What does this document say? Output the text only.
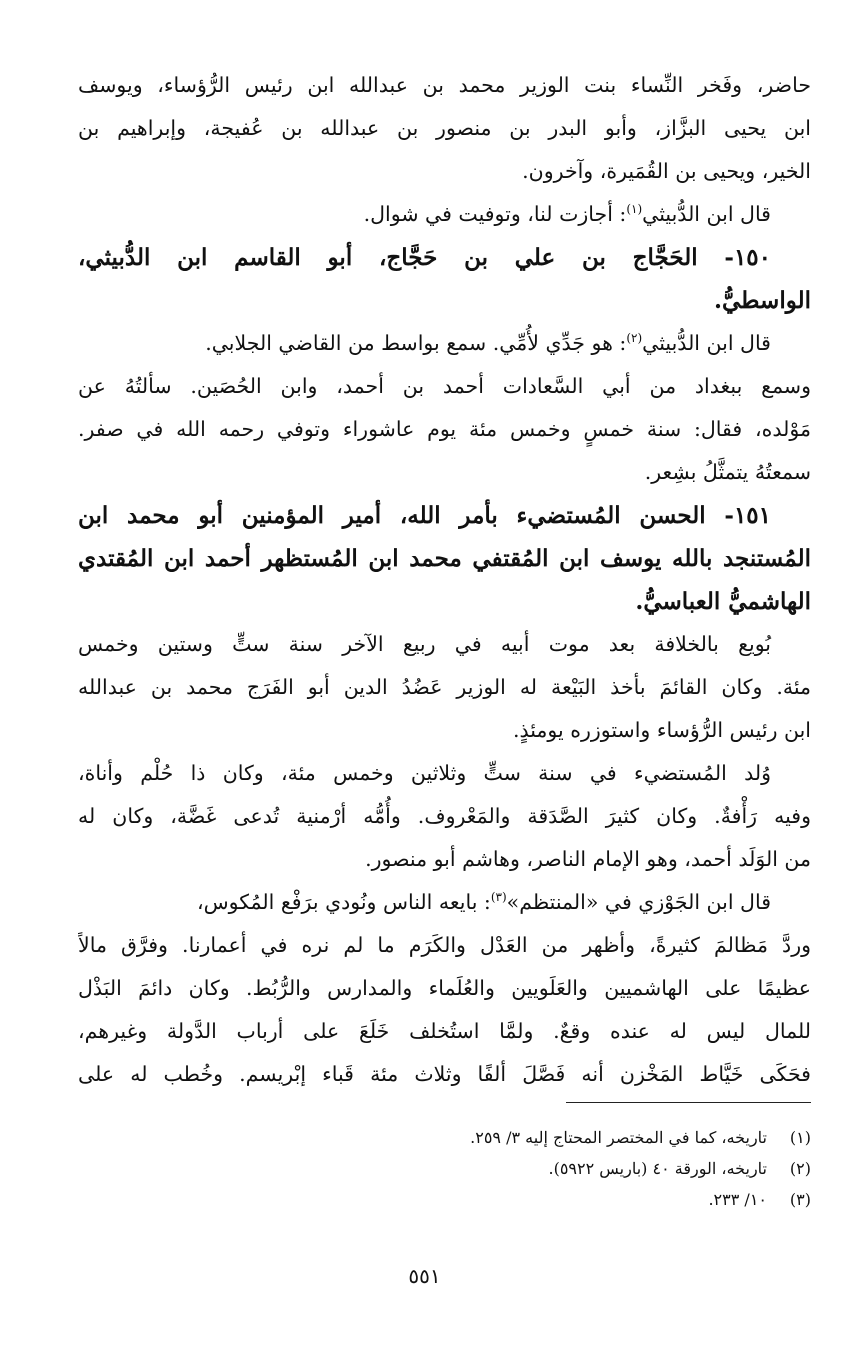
حاضر، وفَخر النِّساء بنت الوزير محمد بن عبدالله ابن رئيس الرُّؤساء، ويوسف
ابن يحيى البزَّاز، وأبو البدر بن منصور بن عبدالله بن عُفيجة، وإبراهيم بن
الخير، ويحيى بن القُمَيرة، وآخرون.
قال ابن الدُّبيثي$^{(١)}$: أجازت لنا، وتوفيت في شوال.
١٥٠- الحَجَّاج بن علي بن حَجَّاج، أبو القاسم ابن الدُّبيثي،
الواسطيُّ.
قال ابن الدُّبيثي$^{(٢)}$: هو جَدِّي لأُمِّي. سمع بواسط من القاضي الجلابي.
وسمع ببغداد من أبي السَّعادات أحمد بن أحمد، وابن الحُصَين. سألتُهُ عن
مَوْلده، فقال: سنة خمسٍ وخمس مئة يوم عاشوراء وتوفي رحمه الله في صفر.
سمعتُهُ يتمثَّلُ بشِعر.
١٥١- الحسن المُستضيء بأمر الله، أمير المؤمنين أبو محمد ابن
المُستنجد بالله يوسف ابن المُقتفي محمد ابن المُستظهر أحمد ابن المُقتدي
الهاشميُّ العباسيُّ.
بُويع بالخلافة بعد موت أبيه في ربيع الآخر سنة ستٍّ وستين وخمس
مئة. وكان القائمَ بأخذ البَيْعة له الوزير عَضُدُ الدين أبو الفَرَج محمد بن عبدالله
ابن رئيس الرُّؤساء واستوزره يومئذٍ.
وُلد المُستضيء في سنة ستٍّ وثلاثين وخمس مئة، وكان ذا حُلْم وأناة،
وفيه رَأْفةٌ. وكان كثيرَ الصَّدَقة والمَعْروف. وأُمُّه أرْمنية تُدعى غَضَّة، وكان له
من الوَلَد أحمد، وهو الإمام الناصر، وهاشم أبو منصور.
قال ابن الجَوْزي في «المنتظم»$^{(٣)}$: بايعه الناس ونُودي برَفْع المُكوس،
وردَّ مَظالمَ كثيرةً، وأظهر من العَدْل والكَرَم ما لم نره في أعمارنا. وفرَّق مالاً
عظيمًا على الهاشميين والعَلَويين والعُلَماء والمدارس والرُّبُط. وكان دائمَ البَذْل
للمال ليس له عنده وقعٌ. ولمَّا استُخلف خَلَعَ على أرباب الدَّولة وغيرهم،
فحَكَى خَيَّاط المَخْزن أنه فَصَّلَ ألفًا وثلاث مئة قَباء إبْريسم. وخُطب له على
(١)تاريخه، كما في المختصر المحتاج إليه ٣/ ٢٥٩.
(٢)تاريخه، الورقة ٤٠ (باريس ٥٩٢٢).
(٣)١٠/ ٢٣٣.
٥٥١
